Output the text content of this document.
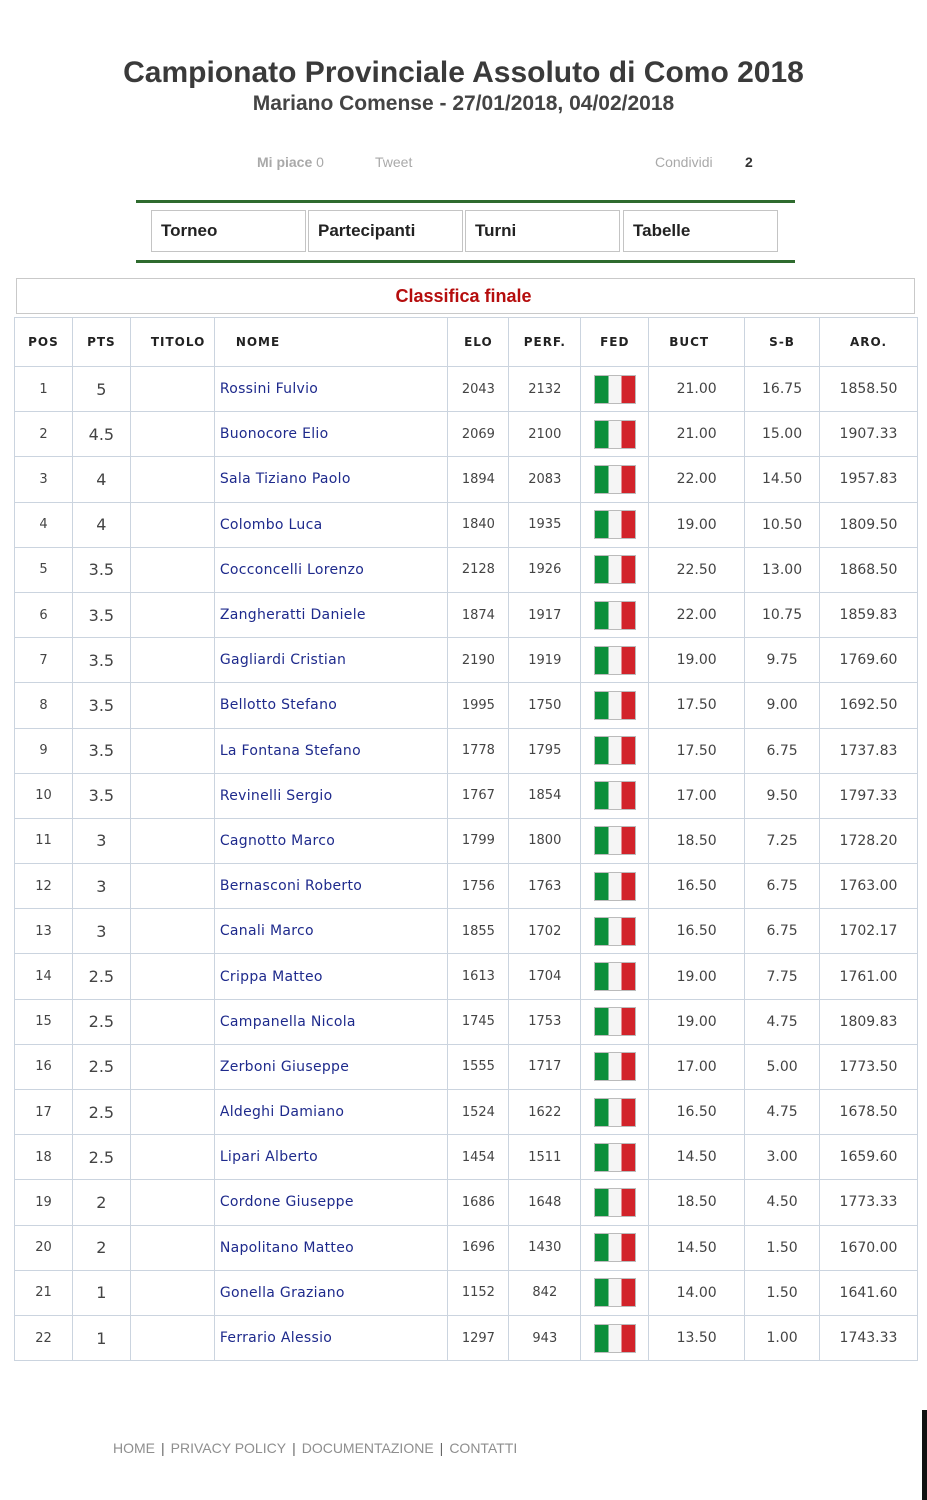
Campionato Provinciale Assoluto di Como 2018
Mariano Comense - 27/01/2018, 04/02/2018
Mi piace 0	Tweet	Condividi 2
Torneo	Partecipanti	Turni	Tabelle
Classifica finale
POS	PTS	TITOLO	NOME	ELO	PERF.	FED	BUCT	S-B	ARO.
1	5		Rossini Fulvio	2043	2132		21.00	16.75	1858.50
2	4.5		Buonocore Elio	2069	2100		21.00	15.00	1907.33
3	4		Sala Tiziano Paolo	1894	2083		22.00	14.50	1957.83
4	4		Colombo Luca	1840	1935		19.00	10.50	1809.50
5	3.5		Cocconcelli Lorenzo	2128	1926		22.50	13.00	1868.50
6	3.5		Zangheratti Daniele	1874	1917		22.00	10.75	1859.83
7	3.5		Gagliardi Cristian	2190	1919		19.00	9.75	1769.60
8	3.5		Bellotto Stefano	1995	1750		17.50	9.00	1692.50
9	3.5		La Fontana Stefano	1778	1795		17.50	6.75	1737.83
10	3.5		Revinelli Sergio	1767	1854		17.00	9.50	1797.33
11	3		Cagnotto Marco	1799	1800		18.50	7.25	1728.20
12	3		Bernasconi Roberto	1756	1763		16.50	6.75	1763.00
13	3		Canali Marco	1855	1702		16.50	6.75	1702.17
14	2.5		Crippa Matteo	1613	1704		19.00	7.75	1761.00
15	2.5		Campanella Nicola	1745	1753		19.00	4.75	1809.83
16	2.5		Zerboni Giuseppe	1555	1717		17.00	5.00	1773.50
17	2.5		Aldeghi Damiano	1524	1622		16.50	4.75	1678.50
18	2.5		Lipari Alberto	1454	1511		14.50	3.00	1659.60
19	2		Cordone Giuseppe	1686	1648		18.50	4.50	1773.33
20	2		Napolitano Matteo	1696	1430		14.50	1.50	1670.00
21	1		Gonella Graziano	1152	842		14.00	1.50	1641.60
22	1		Ferrario Alessio	1297	943		13.50	1.00	1743.33
HOME | PRIVACY POLICY | DOCUMENTAZIONE | CONTATTI
